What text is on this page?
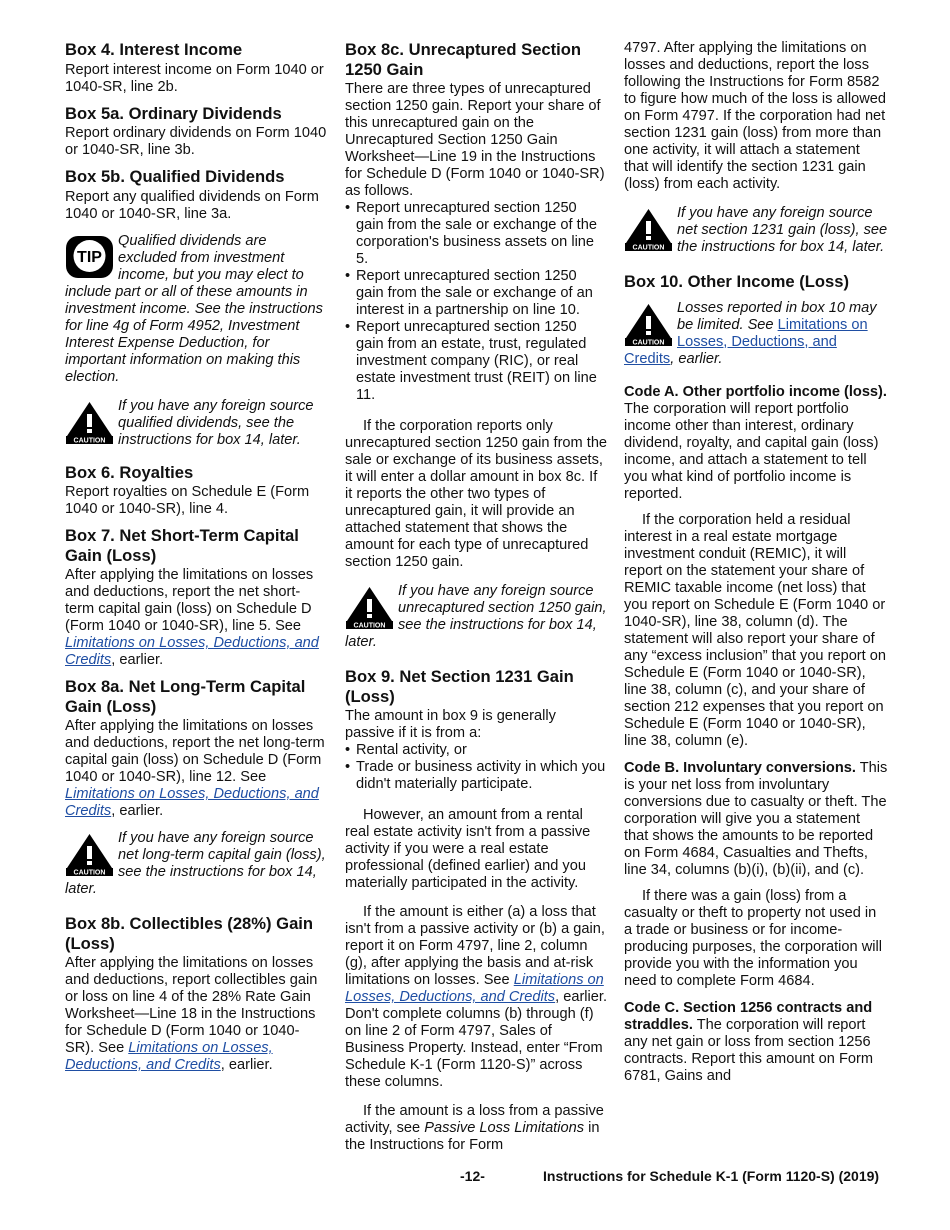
Box 4. Interest Income

Report interest income on Form 1040 or 1040-SR, line 2b.

Box 5a. Ordinary Dividends

Report ordinary dividends on Form 1040 or 1040-SR, line 3b.

Box 5b. Qualified Dividends

Report any qualified dividends on Form 1040 or 1040-SR, line 3a.

TIP
Qualified dividends are excluded from investment income, but you may elect to include part or all of these amounts in investment income. See the instructions for line 4g of Form 4952, Investment Interest Expense Deduction, for important information on making this election.
CAUTION
If you have any foreign source qualified dividends, see the instructions for box 14, later.
Box 6. Royalties

Report royalties on Schedule E (Form 1040 or 1040-SR), line 4.

Box 7. Net Short-Term Capital Gain (Loss)

After applying the limitations on losses and deductions, report the net short-term capital gain (loss) on Schedule D (Form 1040 or 1040-SR), line 5. See Limitations on Losses, Deductions, and Credits, earlier.

Box 8a. Net Long-Term Capital Gain (Loss)

After applying the limitations on losses and deductions, report the net long-term capital gain (loss) on Schedule D (Form 1040 or 1040-SR), line 12. See Limitations on Losses, Deductions, and Credits, earlier.

CAUTION
If you have any foreign source net long-term capital gain (loss), see the instructions for box 14, later.
Box 8b. Collectibles (28%) Gain (Loss)

After applying the limitations on losses and deductions, report collectibles gain or loss on line 4 of the 28% Rate Gain Worksheet—Line 18 in the Instructions for Schedule D (Form 1040 or 1040-SR). See Limitations on Losses, Deductions, and Credits, earlier.

Box 8c. Unrecaptured Section 1250 Gain

There are three types of unrecaptured section 1250 gain. Report your share of this unrecaptured gain on the Unrecaptured Section 1250 Gain Worksheet—Line 19 in the Instructions for Schedule D (Form 1040 or 1040-SR) as follows.

• Report unrecaptured section 1250 gain from the sale or exchange of the corporation's business assets on line 5.

• Report unrecaptured section 1250 gain from the sale or exchange of an interest in a partnership on line 10.

• Report unrecaptured section 1250 gain from an estate, trust, regulated investment company (RIC), or real estate investment trust (REIT) on line 11.

If the corporation reports only unrecaptured section 1250 gain from the sale or exchange of its business assets, it will enter a dollar amount in box 8c. If it reports the other two types of unrecaptured gain, it will provide an attached statement that shows the amount for each type of unrecaptured section 1250 gain.

CAUTION
If you have any foreign source unrecaptured section 1250 gain, see the instructions for box 14, later.
Box 9. Net Section 1231 Gain (Loss)

The amount in box 9 is generally passive if it is from a:

• Rental activity, or

• Trade or business activity in which you didn't materially participate.

However, an amount from a rental real estate activity isn't from a passive activity if you were a real estate professional (defined earlier) and you materially participated in the activity.

If the amount is either (a) a loss that isn't from a passive activity or (b) a gain, report it on Form 4797, line 2, column (g), after applying the basis and at-risk limitations on losses. See Limitations on Losses, Deductions, and Credits, earlier. Don't complete columns (b) through (f) on line 2 of Form 4797, Sales of Business Property. Instead, enter “From Schedule K-1 (Form 1120-S)” across these columns.

If the amount is a loss from a passive activity, see Passive Loss Limitations in the Instructions for Form

4797. After applying the limitations on losses and deductions, report the loss following the Instructions for Form 8582 to figure how much of the loss is allowed on Form 4797. If the corporation had net section 1231 gain (loss) from more than one activity, it will attach a statement that will identify the section 1231 gain (loss) from each activity.

CAUTION
If you have any foreign source net section 1231 gain (loss), see the instructions for box 14, later.
Box 10. Other Income (Loss)
CAUTION
Losses reported in box 10 may be limited. See Limitations on Losses, Deductions, and Credits, earlier.

Code A. Other portfolio income (loss). The corporation will report portfolio income other than interest, ordinary dividend, royalty, and capital gain (loss) income, and attach a statement to tell you what kind of portfolio income is reported.

If the corporation held a residual interest in a real estate mortgage investment conduit (REMIC), it will report on the statement your share of REMIC taxable income (net loss) that you report on Schedule E (Form 1040 or 1040-SR), line 38, column (d). The statement will also report your share of any “excess inclusion” that you report on Schedule E (Form 1040 or 1040-SR), line 38, column (c), and your share of section 212 expenses that you report on Schedule E (Form 1040 or 1040-SR), line 38, column (e).

Code B. Involuntary conversions. This is your net loss from involuntary conversions due to casualty or theft. The corporation will give you a statement that shows the amounts to be reported on Form 4684, Casualties and Thefts, line 34, columns (b)(i), (b)(ii), and (c).

If there was a gain (loss) from a casualty or theft to property not used in a trade or business or for income-producing purposes, the corporation will provide you with the information you need to complete Form 4684.

Code C. Section 1256 contracts and straddles. The corporation will report any net gain or loss from section 1256 contracts. Report this amount on Form 6781, Gains and

-12-	Instructions for Schedule K-1 (Form 1120-S) (2019)
